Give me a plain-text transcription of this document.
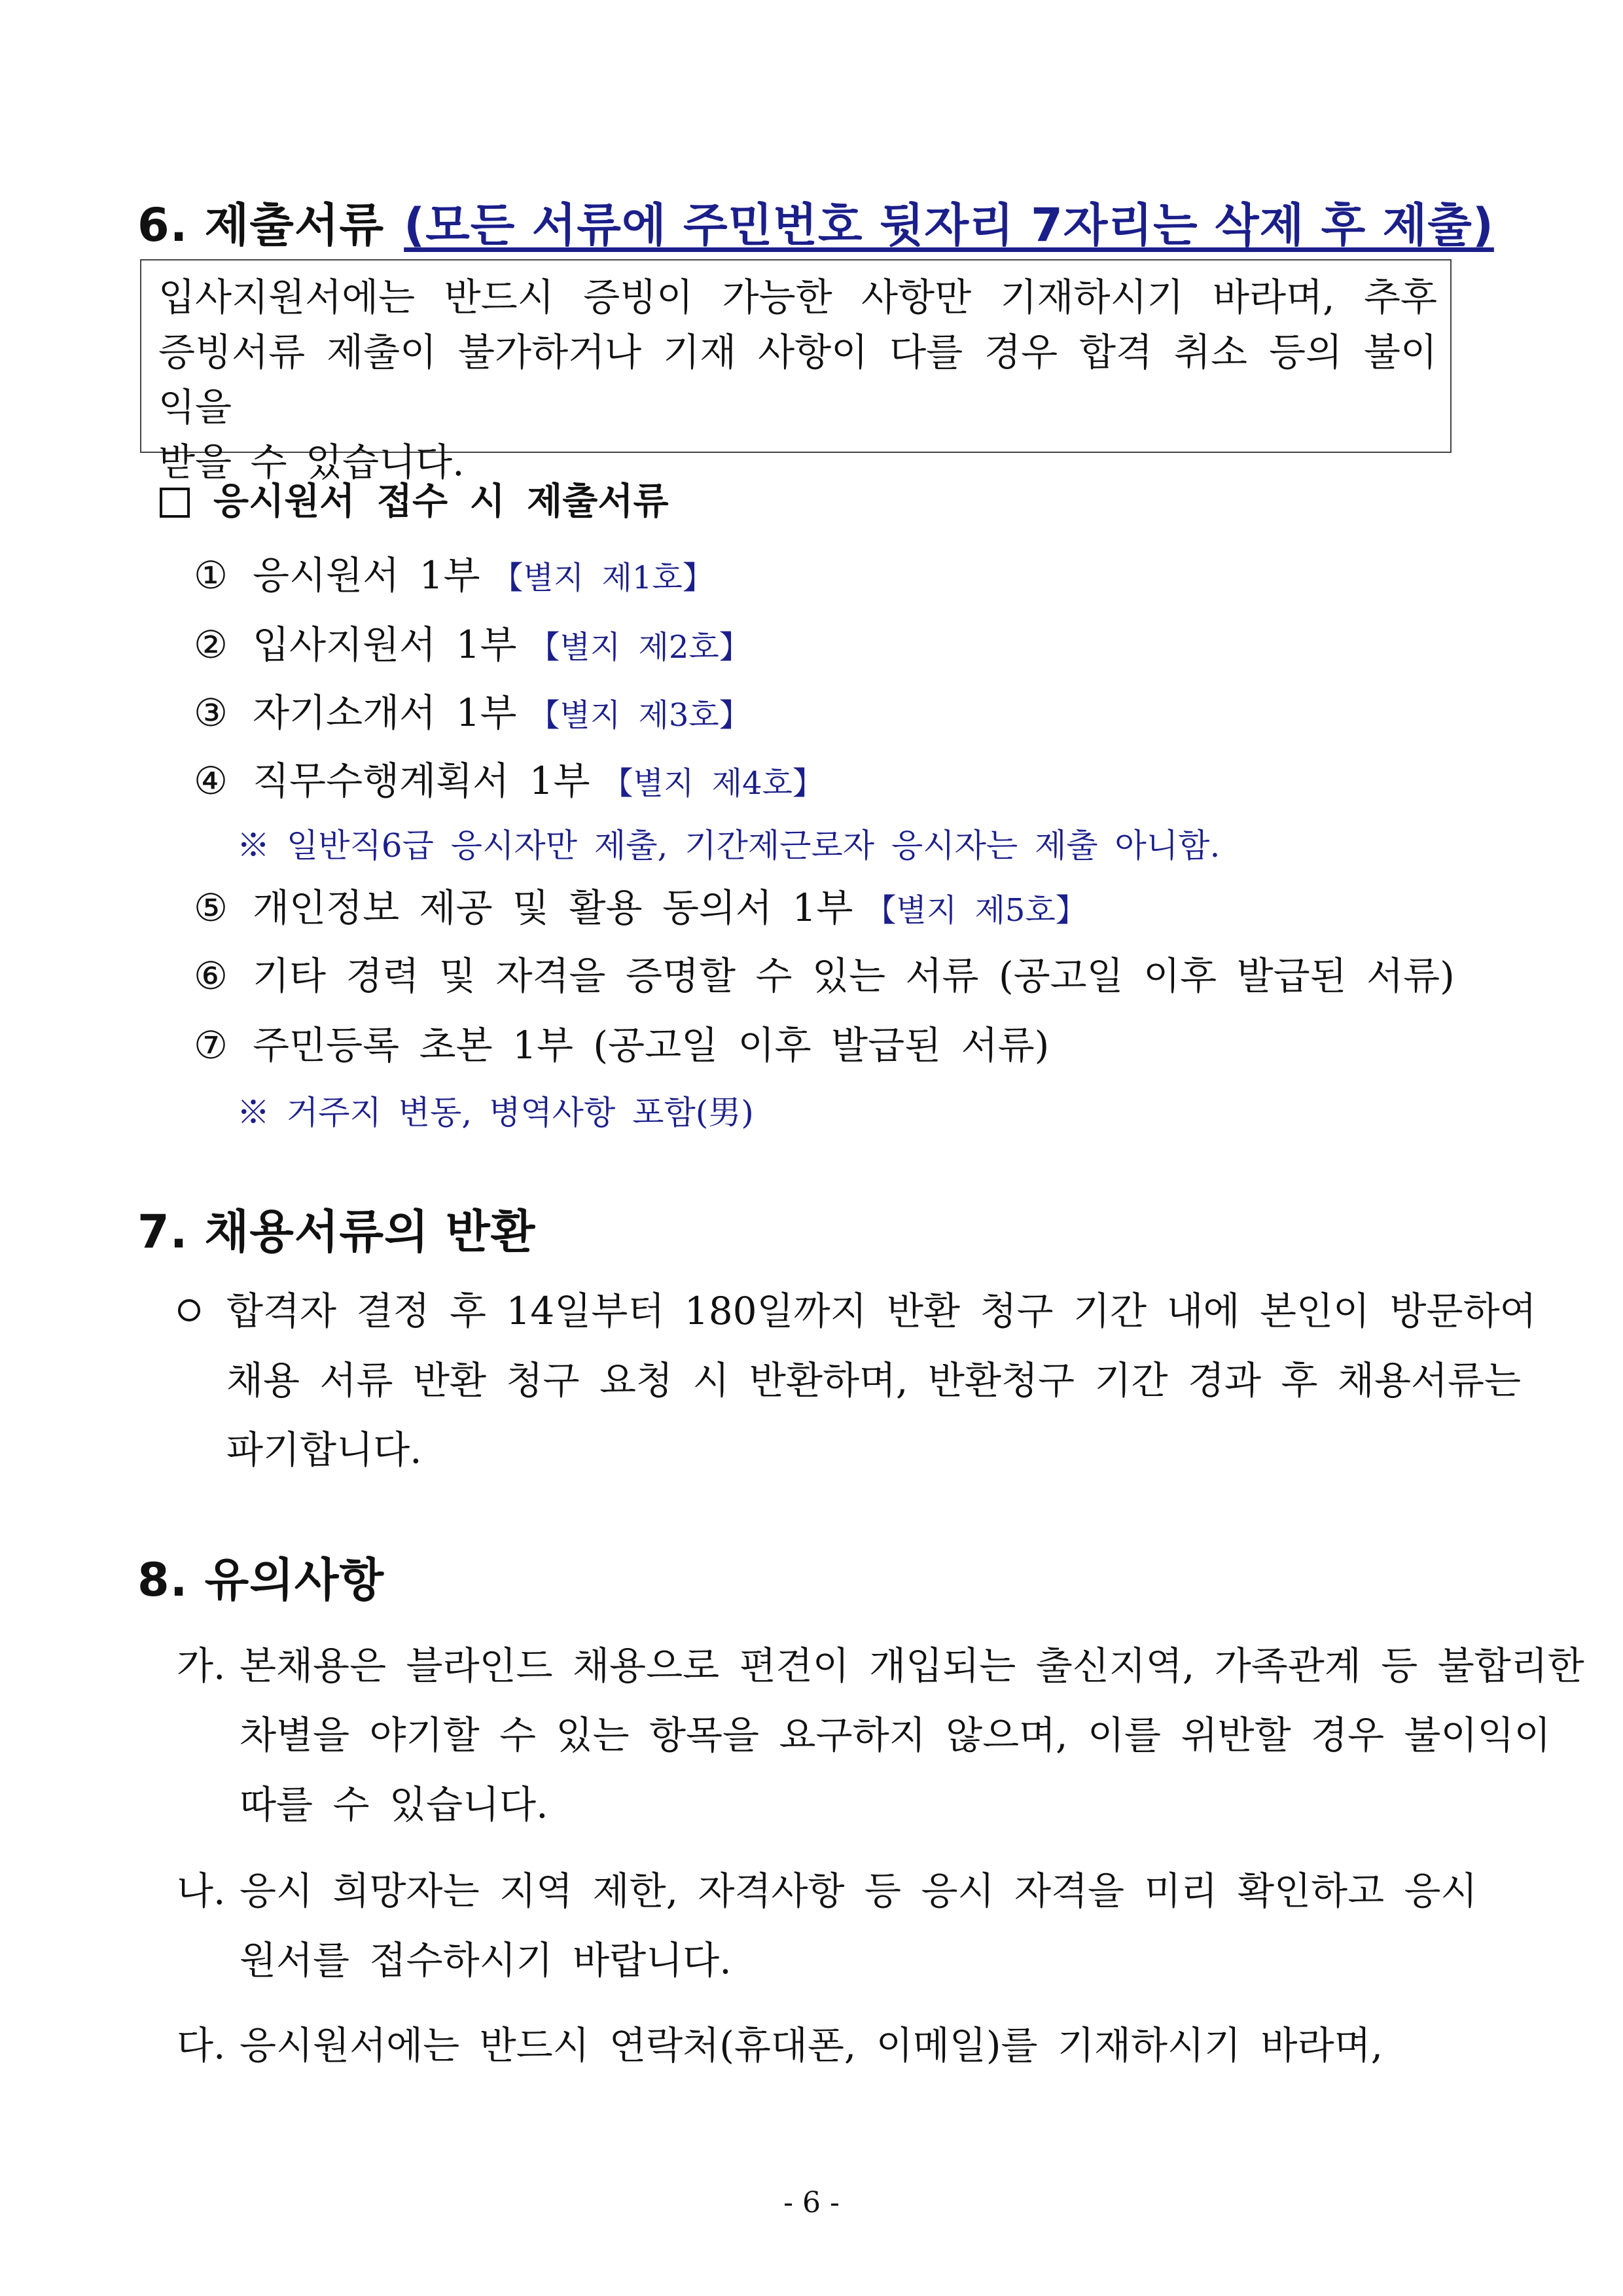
6. 제출서류 (모든 서류에 주민번호 뒷자리 7자리는 삭제 후 제출)

입사지원서에는 반드시 증빙이 가능한 사항만 기재하시기 바라며, 추후

증빙서류 제출이 불가하거나 기재 사항이 다를 경우 합격 취소 등의 불이익을

받을 수 있습니다.

응시원서 접수 시 제출서류
① 응시원서 1부 【별지 제1호】
② 입사지원서 1부 【별지 제2호】
③ 자기소개서 1부 【별지 제3호】
④ 직무수행계획서 1부 【별지 제4호】
※ 일반직6급 응시자만 제출, 기간제근로자 응시자는 제출 아니함.
⑤ 개인정보 제공 및 활용 동의서 1부 【별지 제5호】
⑥ 기타 경력 및 자격을 증명할 수 있는 서류 (공고일 이후 발급된 서류)
⑦ 주민등록 초본 1부 (공고일 이후 발급된 서류)
※ 거주지 변동, 병역사항 포함(男)
7. 채용서류의 반환
합격자 결정 후 14일부터 180일까지 반환 청구 기간 내에 본인이 방문하여
채용 서류 반환 청구 요청 시 반환하며, 반환청구 기간 경과 후 채용서류는
파기합니다.
8. 유의사항
가. 본채용은 블라인드 채용으로 편견이 개입되는 출신지역, 가족관계 등 불합리한
차별을 야기할 수 있는 항목을 요구하지 않으며, 이를 위반할 경우 불이익이
따를 수 있습니다.
나. 응시 희망자는 지역 제한, 자격사항 등 응시 자격을 미리 확인하고 응시
원서를 접수하시기 바랍니다.
다. 응시원서에는 반드시 연락처(휴대폰, 이메일)를 기재하시기 바라며,
- 6 -
